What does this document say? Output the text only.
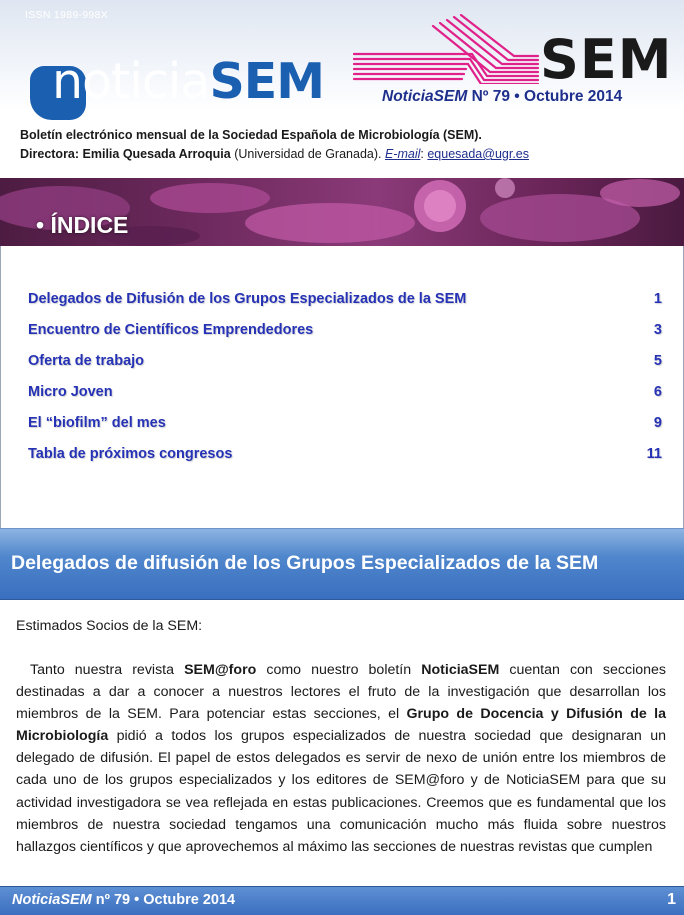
ISSN 1989-998X
noticiaSEM	SEM
NoticiaSEM Nº 79 • Octubre 2014
Boletín electrónico mensual de la Sociedad Española de Microbiología (SEM).
Directora: Emilia Quesada Arroquia (Universidad de Granada). E-mail: equesada@ugr.es
• ÍNDICE
Delegados de Difusión de los Grupos Especializados de la SEM	1
Encuentro de Científicos Emprendedores	3
Oferta de trabajo	5
Micro Joven	6
El “biofilm” del mes	9
Tabla de próximos congresos	11
Delegados de difusión de los Grupos Especializados de la SEM
Estimados Socios de la SEM:

Tanto nuestra revista SEM@foro como nuestro boletín NoticiaSEM cuentan con secciones destinadas a dar a conocer a nuestros lectores el fruto de la investigación que desarrollan los miembros de la SEM. Para potenciar estas secciones, el Grupo de Docencia y Difusión de la Microbiología pidió a todos los grupos especializados de nuestra sociedad que designaran un delegado de difusión. El papel de estos delegados es servir de nexo de unión entre los miembros de cada uno de los grupos especializados y los editores de SEM@foro y de NoticiaSEM para que su actividad investigadora se vea reflejada en estas publicaciones. Creemos que es fundamental que los miembros de nuestra sociedad tengamos una comunicación mucho más fluida sobre nuestros hallazgos científicos y que aprovechemos al máximo las secciones de nuestras revistas que cumplen

NoticiaSEM nº 79 • Octubre 2014	1
